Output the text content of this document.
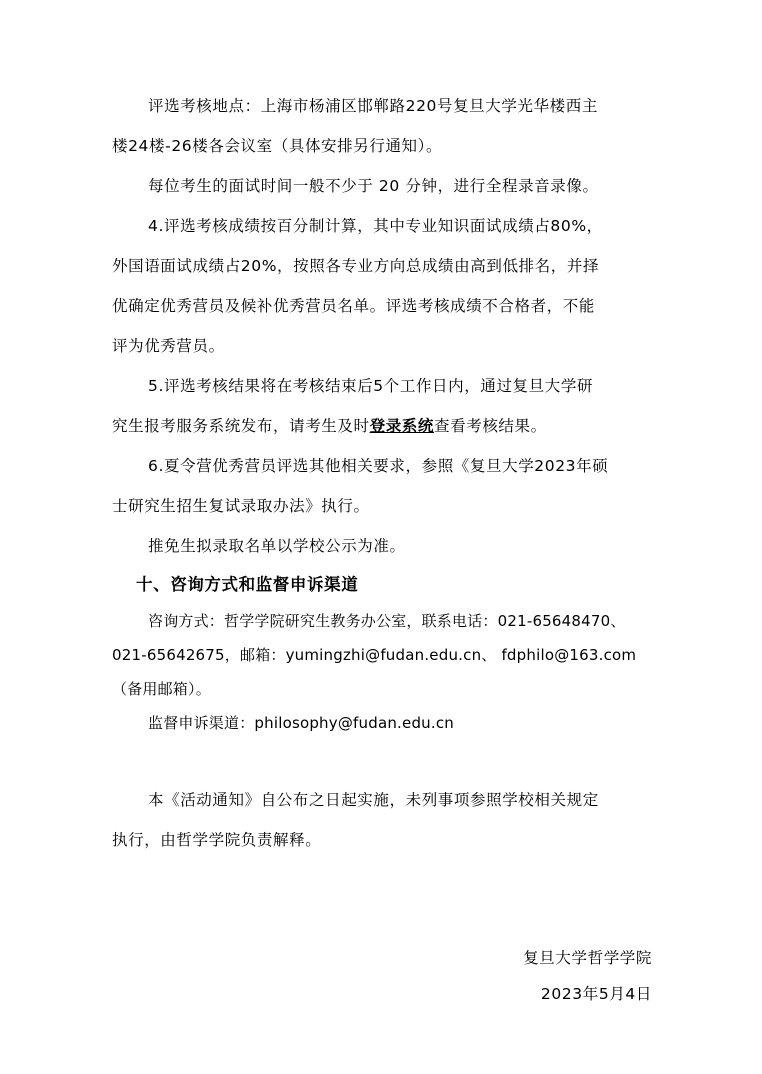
评选考核地点：上海市杨浦区邯郸路220号复旦大学光华楼西主

楼24楼-26楼各会议室（具体安排另行通知）。

每位考生的面试时间一般不少于 20 分钟，进行全程录音录像。

4.评选考核成绩按百分制计算，其中专业知识面试成绩占80%，

外国语面试成绩占20%，按照各专业方向总成绩由高到低排名，并择

优确定优秀营员及候补优秀营员名单。评选考核成绩不合格者，不能

评为优秀营员。

5.评选考核结果将在考核结束后5个工作日内，通过复旦大学研

究生报考服务系统发布，请考生及时登录系统查看考核结果。

6.夏令营优秀营员评选其他相关要求，参照《复旦大学2023年硕

士研究生招生复试录取办法》执行。

推免生拟录取名单以学校公示为准。

十、咨询方式和监督申诉渠道

咨询方式：哲学学院研究生教务办公室，联系电话：021-65648470、

021-65642675，邮箱：yumingzhi@fudan.edu.cn、 fdphilo@163.com

（备用邮箱）。

监督申诉渠道：philosophy@fudan.edu.cn

本《活动通知》自公布之日起实施，未列事项参照学校相关规定

执行，由哲学学院负责解释。

复旦大学哲学学院

2023年5月4日
